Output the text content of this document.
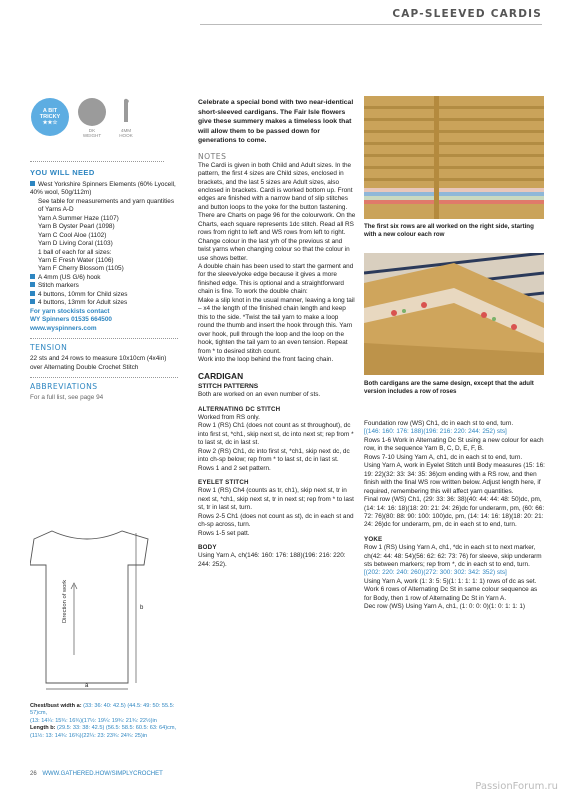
CAP-SLEEVED CARDIS
A BIT
TRICKY
★★☆
DK
WEIGHT
4MM
HOOK
YOU WILL NEED

West Yorkshire Spinners Elements (60% Lyocell, 40% wool, 50g/112m)

See table for measurements and yarn quantities of Yarns A-D

Yarn A Summer Haze (1107)

Yarn B Oyster Pearl (1098)

Yarn C Cool Aloe (1102)

Yarn D Living Coral (1103)

1 ball of each for all sizes:

Yarn E Fresh Water (1106)

Yarn F Cherry Blossom (1105)

A 4mm (US G/6) hook

Stitch markers

4 buttons, 10mm for Child sizes

4 buttons, 13mm for Adult sizes

For yarn stockists contact

WY Spinners 01535 664500

www.wyspinners.com

TENSION

22 sts and 24 rows to measure 10x10cm (4x4in) over Alternating Double Crochet Stitch

ABBREVIATIONS

For a full list, see page 94

Direction of work
a
b

Chest/bust width a: (33: 36: 40: 42.5) (44.5: 49: 50: 55.5: 57)cm,

(13: 14¼: 15¾: 16¾)(17½: 19¼: 19¾: 21¾: 22½)in

Length b: (29.5: 33: 38: 42.5) (56.5: 58.5: 60.5: 63: 64)cm,

(11½: 13: 14¾: 16¾)(22¼: 23: 23¾: 24¾: 25)in

Celebrate a special bond with two near-identical short-sleeved cardigans. The Fair Isle flowers give these summery makes a timeless look that will allow them to be passed down for generations to come.

NOTES

The Cardi is given in both Child and Adult sizes. In the pattern, the first 4 sizes are Child sizes, enclosed in brackets, and the last 5 sizes are Adult sizes, also enclosed in brackets. Cardi is worked bottom up. Front edges are finished with a narrow band of slip stitches and button loops to the yoke for the button fastening.

There are Charts on page 96 for the colourwork. On the Charts, each square represents 1dc stitch. Read all RS rows from right to left and WS rows from left to right. Change colour in the last yrh of the previous st and twist yarns when changing colour so that the colour in use shows better.

A double chain has been used to start the garment and for the sleeve/yoke edge because it gives a more finished edge. This is optional and a straightforward chain is fine. To work the double chain:

Make a slip knot in the usual manner, leaving a long tail – x4 the length of the finished chain length and keep this to the side. *Twist the tail yarn to make a loop round the thumb and insert the hook through this. Yarn over hook, pull through the loop and the loop on the hook, tighten the tail yarn to an even tension. Repeat from * to desired stitch count.

Work into the loop behind the front facing chain.

CARDIGAN

STITCH PATTERNS

Both are worked on an even number of sts.

ALTERNATING DC STITCH

Worked from RS only.

Row 1 (RS) Ch1 (does not count as st throughout), dc into first st, *ch1, skip next st, dc into next st; rep from * to last st, dc in last st.

Row 2 (RS) Ch1, dc into first st, *ch1, skip next dc, dc into ch-sp below; rep from * to last st, dc in last st.

Rows 1 and 2 set pattern.

EYELET STITCH

Row 1 (RS) Ch4 (counts as tr, ch1), skip next st, tr in next st, *ch1, skip next st, tr in next st; rep from * to last st, tr in last st, turn.

Rows 2-5 Ch1 (does not count as st), dc in each st and ch-sp across, turn.

Rows 1-5 set patt.

BODY

Using Yarn A, ch(146: 160: 176: 188)(196: 216: 220: 244: 252).

The first six rows are all worked on the right side, starting with a new colour each row
Both cardigans are the same design, except that the adult version includes a row of roses

Foundation row (WS) Ch1, dc in each st to end, turn.

[(146: 160: 176: 188)(196: 216: 220: 244: 252) sts]

Rows 1-6 Work in Alternating Dc St using a new colour for each row, in the sequence Yarn B, C, D, E, F, B.

Rows 7-10 Using Yarn A, ch1, dc in each st to end, turn.

Using Yarn A, work in Eyelet Stitch until Body measures (15: 16: 19: 22)(32: 33: 34: 35: 36)cm ending with a RS row, and then finish with the final WS row written below. Adjust length here, if required, remembering this will affect yarn quantities.

Final row (WS) Ch1, (29: 33: 36: 38)(40: 44: 44: 48: 50)dc, pm, (14: 14: 16: 18)(18: 20: 21: 24: 26)dc for underarm, pm, (60: 66: 72: 76)(80: 88: 90: 100: 100)dc, pm, (14: 14: 16: 18)(18: 20: 21: 24: 26)dc for underarm, pm, dc in each st to end, turn.

YOKE

Row 1 (RS) Using Yarn A, ch1, *dc in each st to next marker, ch(42: 44: 48: 54)(56: 62: 62: 73: 76) for sleeve, skip underarm sts between markers; rep from *, dc in each st to end, turn.

[(202: 220: 240: 260)(272: 300: 302: 342: 352) sts]

Using Yarn A, work (1: 3: 5: 5)(1: 1: 1: 1: 1) rows of dc as set.

Work 6 rows of Alternating Dc St in same colour sequence as for Body, then 1 row of Alternating Dc St in Yarn A.

Dec row (WS) Using Yarn A, ch1, (1: 0: 0: 0)(1: 0: 1: 1: 1)

26 WWW.GATHERED.HOW/SIMPLYCROCHET
PassionForum.ru
